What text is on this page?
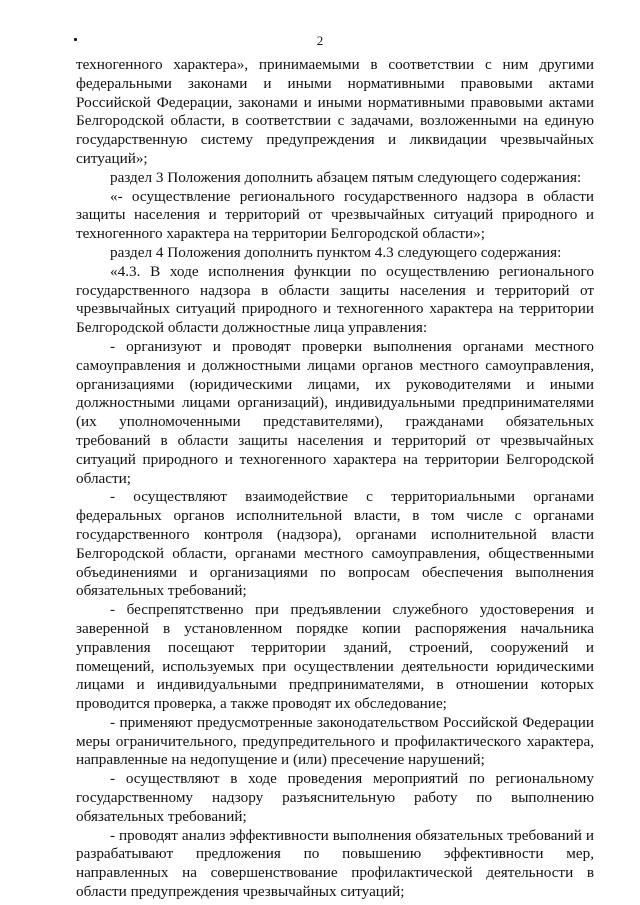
2

техногенного характера», принимаемыми в соответствии с ним другими федеральными законами и иными нормативными правовыми актами Российской Федерации, законами и иными нормативными правовыми актами Белгородской области, в соответствии с задачами, возложенными на единую государственную систему предупреждения и ликвидации чрезвычайных ситуаций»;

раздел 3 Положения дополнить абзацем пятым следующего содержания:

«- осуществление регионального государственного надзора в области защиты населения и территорий от чрезвычайных ситуаций природного и техногенного характера на территории Белгородской области»;

раздел 4 Положения дополнить пунктом 4.3 следующего содержания:

«4.3. В ходе исполнения функции по осуществлению регионального государственного надзора в области защиты населения и территорий от чрезвычайных ситуаций природного и техногенного характера на территории Белгородской области должностные лица управления:

- организуют и проводят проверки выполнения органами местного самоуправления и должностными лицами органов местного самоуправления, организациями (юридическими лицами, их руководителями и иными должностными лицами организаций), индивидуальными предпринимателями (их уполномоченными представителями), гражданами обязательных требований в области защиты населения и территорий от чрезвычайных ситуаций природного и техногенного характера на территории Белгородской области;

- осуществляют взаимодействие с территориальными органами федеральных органов исполнительной власти, в том числе с органами государственного контроля (надзора), органами исполнительной власти Белгородской области, органами местного самоуправления, общественными объединениями и организациями по вопросам обеспечения выполнения обязательных требований;

- беспрепятственно при предъявлении служебного удостоверения и заверенной в установленном порядке копии распоряжения начальника управления посещают территории зданий, строений, сооружений и помещений, используемых при осуществлении деятельности юридическими лицами и индивидуальными предпринимателями, в отношении которых проводится проверка, а также проводят их обследование;

- применяют предусмотренные законодательством Российской Федерации меры ограничительного, предупредительного и профилактического характера, направленные на недопущение и (или) пресечение нарушений;

- осуществляют в ходе проведения мероприятий по региональному государственному надзору разъяснительную работу по выполнению обязательных требований;

- проводят анализ эффективности выполнения обязательных требований и разрабатывают предложения по повышению эффективности мер, направленных на совершенствование профилактической деятельности в области предупреждения чрезвычайных ситуаций;
